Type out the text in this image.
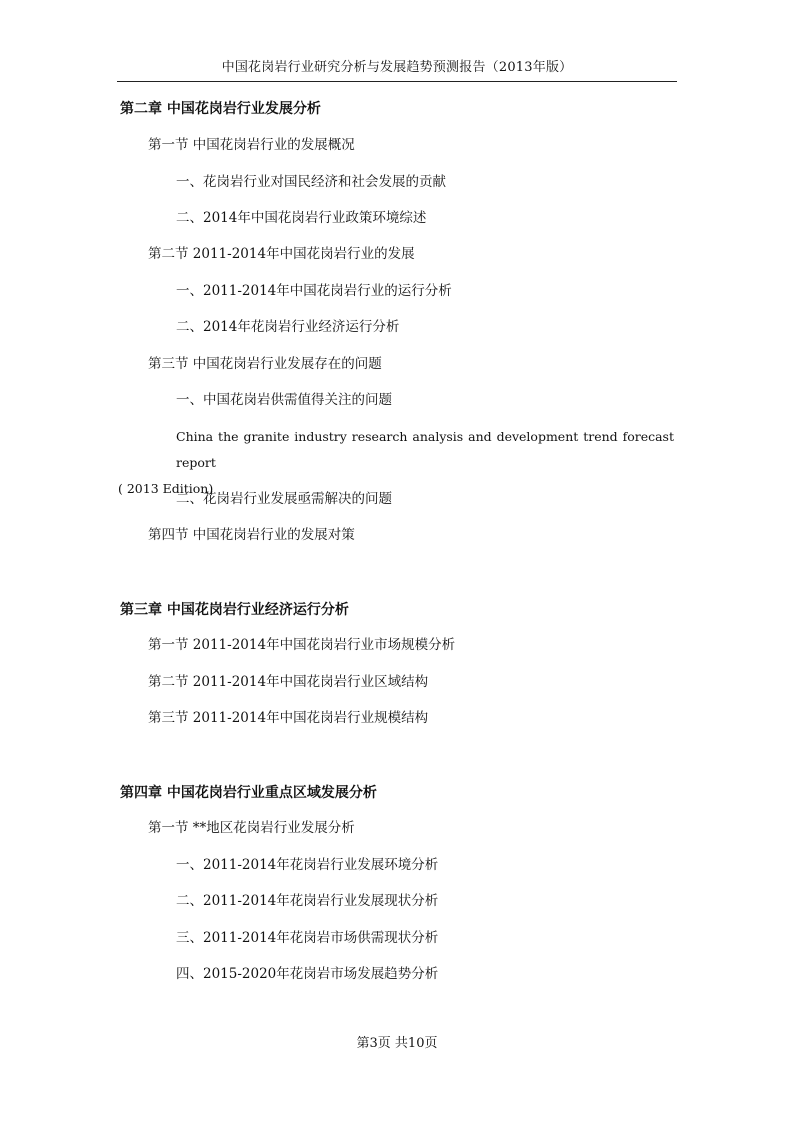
中国花岗岩行业研究分析与发展趋势预测报告（2013年版）
第二章 中国花岗岩行业发展分析
第一节 中国花岗岩行业的发展概况
一、花岗岩行业对国民经济和社会发展的贡献
二、2014年中国花岗岩行业政策环境综述
第二节 2011-2014年中国花岗岩行业的发展
一、2011-2014年中国花岗岩行业的运行分析
二、2014年花岗岩行业经济运行分析
第三节 中国花岗岩行业发展存在的问题
一、中国花岗岩供需值得关注的问题
China the granite industry research analysis and development trend forecast report
( 2013 Edition)
二、花岗岩行业发展亟需解决的问题
第四节 中国花岗岩行业的发展对策
第三章 中国花岗岩行业经济运行分析
第一节 2011-2014年中国花岗岩行业市场规模分析
第二节 2011-2014年中国花岗岩行业区域结构
第三节 2011-2014年中国花岗岩行业规模结构
第四章 中国花岗岩行业重点区域发展分析
第一节 **地区花岗岩行业发展分析
一、2011-2014年花岗岩行业发展环境分析
二、2011-2014年花岗岩行业发展现状分析
三、2011-2014年花岗岩市场供需现状分析
四、2015-2020年花岗岩市场发展趋势分析
第3页 共10页
